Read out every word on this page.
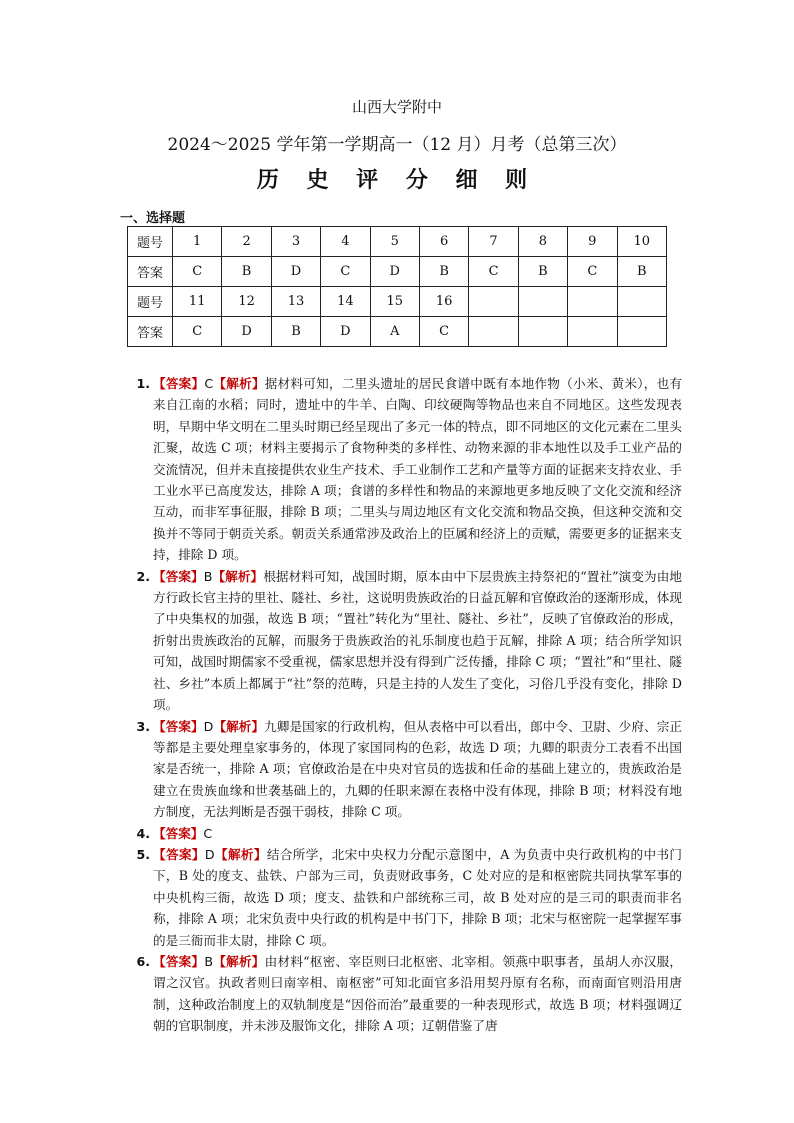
山西大学附中
2024～2025 学年第一学期高一（12 月）月考（总第三次）
历 史 评 分 细 则
一、选择题
题号	1	2	3	4	5	6	7	8	9	10
答案	C	B	D	C	D	B	C	B	C	B
题号	11	12	13	14	15	16				
答案	C	D	B	D	A	C				
1. 【答案】C【解析】据材料可知，二里头遗址的居民食谱中既有本地作物（小米、黄米），也有来自江南的水稻；同时，遗址中的牛羊、白陶、印纹硬陶等物品也来自不同地区。这些发现表明，早期中华文明在二里头时期已经呈现出了多元一体的特点，即不同地区的文化元素在二里头汇聚，故选 C 项；材料主要揭示了食物种类的多样性、动物来源的非本地性以及手工业产品的交流情况，但并未直接提供农业生产技术、手工业制作工艺和产量等方面的证据来支持农业、手工业水平已高度发达，排除 A 项；食谱的多样性和物品的来源地更多地反映了文化交流和经济互动，而非军事征服，排除 B 项；二里头与周边地区有文化交流和物品交换，但这种交流和交换并不等同于朝贡关系。朝贡关系通常涉及政治上的臣属和经济上的贡赋，需要更多的证据来支持，排除 D 项。
2. 【答案】B【解析】根据材料可知，战国时期，原本由中下层贵族主持祭祀的“置社”演变为由地方行政长官主持的里社、隧社、乡社，这说明贵族政治的日益瓦解和官僚政治的逐渐形成，体现了中央集权的加强，故选 B 项；“置社”转化为“里社、隧社、乡社”，反映了官僚政治的形成，折射出贵族政治的瓦解，而服务于贵族政治的礼乐制度也趋于瓦解，排除 A 项；结合所学知识可知，战国时期儒家不受重视，儒家思想并没有得到广泛传播，排除 C 项；“置社”和“里社、隧社、乡社”本质上都属于“社”祭的范畴，只是主持的人发生了变化，习俗几乎没有变化，排除 D 项。
3. 【答案】D【解析】九卿是国家的行政机构，但从表格中可以看出，郎中令、卫尉、少府、宗正等都是主要处理皇家事务的，体现了家国同构的色彩，故选 D 项；九卿的职责分工表看不出国家是否统一，排除 A 项；官僚政治是在中央对官员的选拔和任命的基础上建立的，贵族政治是建立在贵族血缘和世袭基础上的，九卿的任职来源在表格中没有体现，排除 B 项；材料没有地方制度，无法判断是否强干弱枝，排除 C 项。
4. 【答案】C
5. 【答案】D【解析】结合所学，北宋中央权力分配示意图中，A 为负责中央行政机构的中书门下，B 处的度支、盐铁、户部为三司，负责财政事务，C 处对应的是和枢密院共同执掌军事的中央机构三衙，故选 D 项；度支、盐铁和户部统称三司，故 B 处对应的是三司的职责而非名称，排除 A 项；北宋负责中央行政的机构是中书门下，排除 B 项；北宋与枢密院一起掌握军事的是三衙而非太尉，排除 C 项。
6. 【答案】B【解析】由材料“枢密、宰臣则曰北枢密、北宰相。领燕中职事者，虽胡人亦汉服，谓之汉官。执政者则曰南宰相、南枢密”可知北面官多沿用契丹原有名称，而南面官则沿用唐制，这种政治制度上的双轨制度是“因俗而治”最重要的一种表现形式，故选 B 项；材料强调辽朝的官职制度，并未涉及服饰文化，排除 A 项；辽朝借鉴了唐
